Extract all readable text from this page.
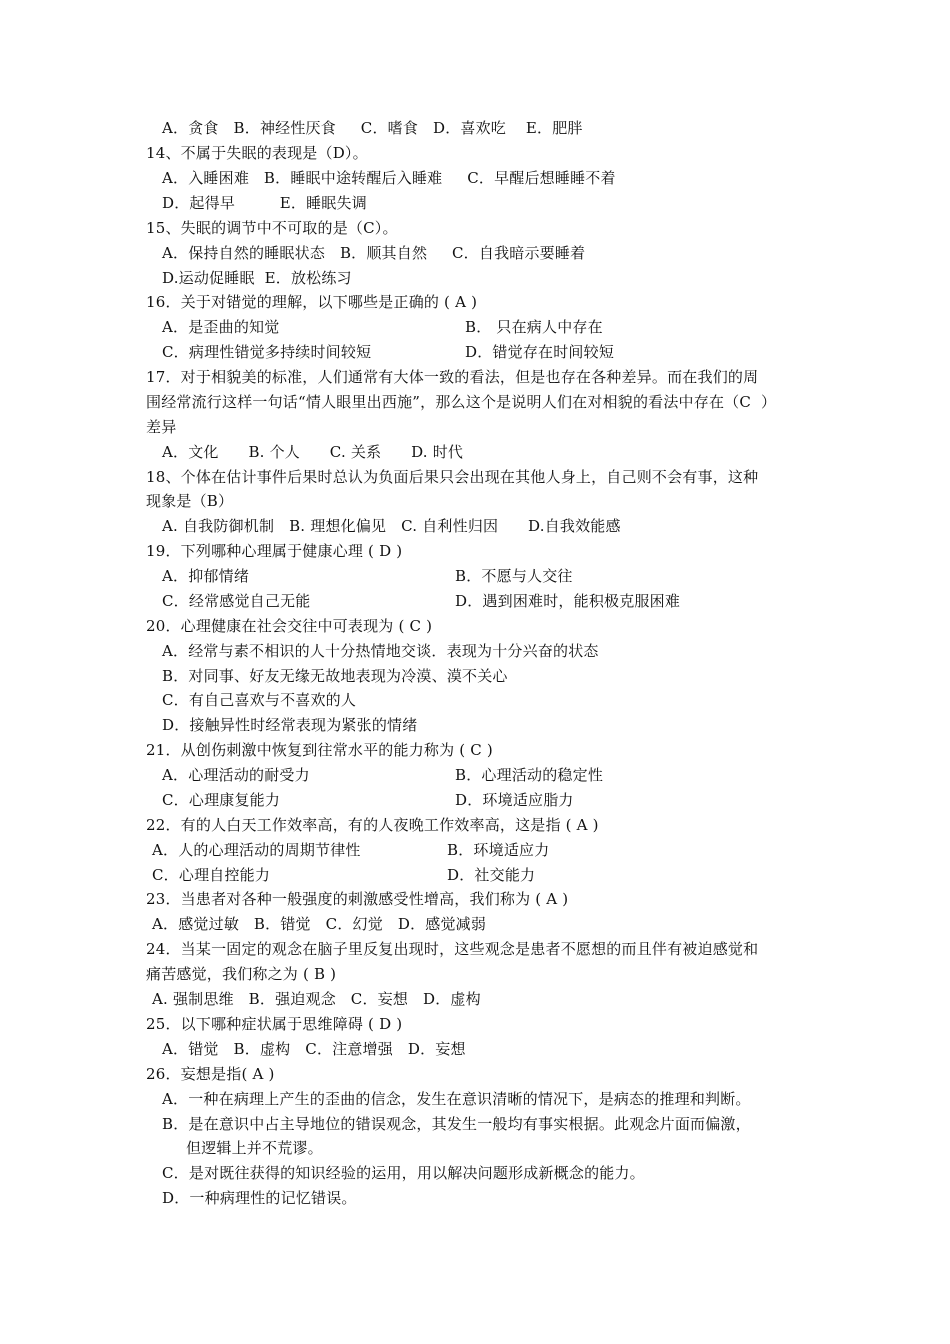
A．贪食   B．神经性厌食     C．嗜食   D．喜欢吃    E．肥胖
14、不属于失眠的表现是（D）。
A．入睡困难   B．睡眠中途转醒后入睡难     C．早醒后想睡睡不着
D．起得早         E．睡眠失调
15、失眠的调节中不可取的是（C）。
A．保持自然的睡眠状态   B．顺其自然     C．自我暗示要睡着
D.运动促睡眠  E．放松练习
16．关于对错觉的理解，以下哪些是正确的 ( A )
A．是歪曲的知觉	B． 只在病人中存在
C．病理性错觉多持续时间较短	D．错觉存在时间较短
17．对于相貌美的标准，人们通常有大体一致的看法，但是也存在各种差异。而在我们的周
围经常流行这样一句话“情人眼里出西施”，那么这个是说明人们在对相貌的看法中存在（C  ）
差异
A．文化      B. 个人      C. 关系      D. 时代
18、个体在估计事件后果时总认为负面后果只会出现在其他人身上，自己则不会有事，这种
现象是（B）
A. 自我防御机制   B. 理想化偏见   C. 自利性归因      D.自我效能感
19．下列哪种心理属于健康心理 ( D )
A．抑郁情绪	B．不愿与人交往
C．经常感觉自己无能	D．遇到困难时，能积极克服困难
20．心理健康在社会交往中可表现为 ( C )
A．经常与素不相识的人十分热情地交谈．表现为十分兴奋的状态
B．对同事、好友无缘无故地表现为冷漠、漠不关心
C．有自己喜欢与不喜欢的人
D．接触异性时经常表现为紧张的情绪
21．从创伤刺激中恢复到往常水平的能力称为 ( C )
A．心理活动的耐受力	B．心理活动的稳定性
C．心理康复能力	D．环境适应脂力
22．有的人白天工作效率高，有的人夜晚工作效率高，这是指 ( A )
A．人的心理活动的周期节律性	B．环境适应力
C．心理自控能力	D．社交能力
23．当患者对各种一般强度的刺激感受性增高，我们称为 ( A )
A．感觉过敏   B．错觉   C．幻觉   D．感觉减弱
24．当某一固定的观念在脑子里反复出现时，这些观念是患者不愿想的而且伴有被迫感觉和
痛苦感觉，我们称之为 ( B )
A. 强制思维   B．强迫观念   C．妄想   D．虚构
25．以下哪种症状属于思维障碍 ( D )
A．错觉   B．虚构   C．注意增强   D．妄想
26．妄想是指( A )
A．一种在病理上产生的歪曲的信念，发生在意识清晰的情况下，是病态的推理和判断。
B．是在意识中占主导地位的错误观念，其发生一般均有事实根据。此观念片面而偏激，
但逻辑上并不荒谬。
C．是对既往获得的知识经验的运用，用以解决问题形成新概念的能力。
D．一种病理性的记忆错误。
